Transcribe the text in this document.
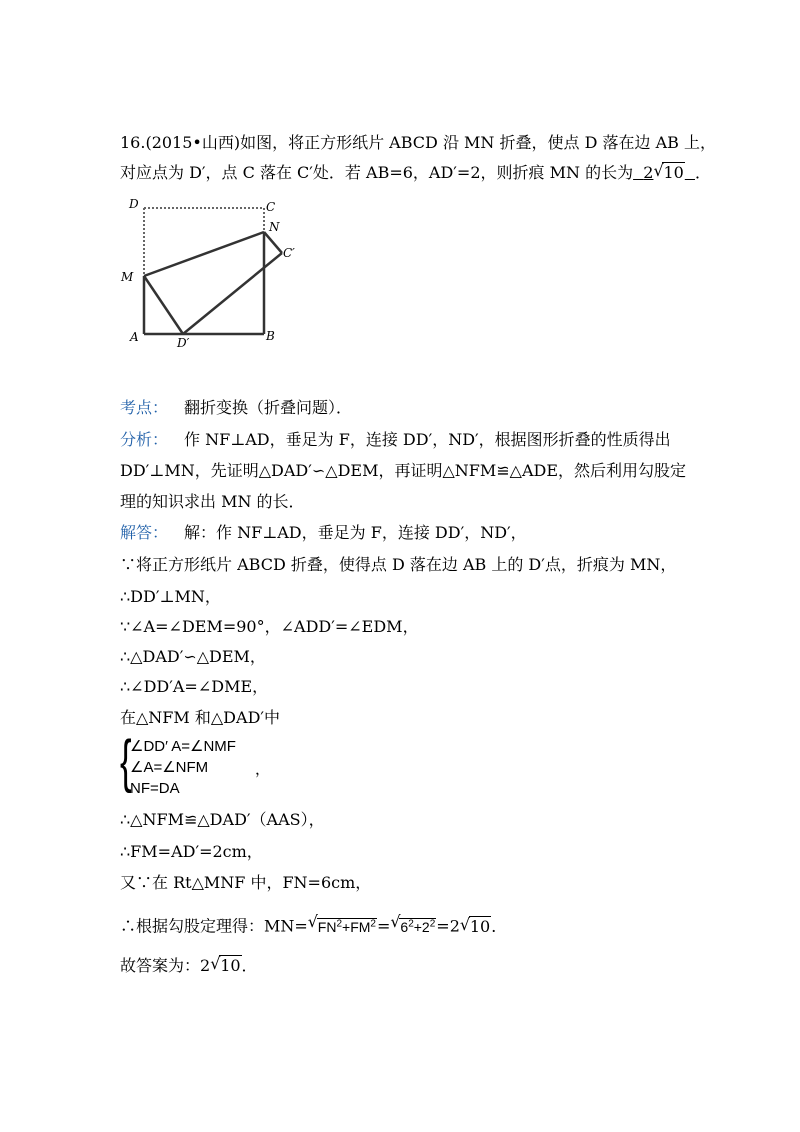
16.(2015•山西)如图，将正方形纸片 ABCD 沿 MN 折叠，使点 D 落在边 AB 上，
对应点为 D′，点 C 落在 C′处．若 AB=6，AD′=2，则折痕 MN 的长为 2 √ 10 ．
D	C
N
C′
M
A	D′	B
考点： 翻折变换（折叠问题）．
分析： 作 NF⊥AD，垂足为 F，连接 DD′，ND′，根据图形折叠的性质得出
DD′⊥MN，先证明△DAD′∽△DEM，再证明△NFM≌△ADE，然后利用勾股定
理的知识求出 MN 的长．
解答： 解：作 NF⊥AD，垂足为 F，连接 DD′，ND′，
∵将正方形纸片 ABCD 折叠，使得点 D 落在边 AB 上的 D′点，折痕为 MN，
∴DD′⊥MN，
∵∠A=∠DEM=90°，∠ADD′=∠EDM，
∴△DAD′∽△DEM，
∴∠DD′A=∠DME，
在△NFM 和△DAD′中
{
∠DD′ A=∠NMF
∠A=∠NFM	，
NF=DA
∴△NFM≌△DAD′（AAS），
∴FM=AD′=2cm，
又∵在 Rt△MNF 中，FN=6cm，
∴根据勾股定理得：MN= √ $FN^2+FM^2=$ √ $6^2+2^2=2$ √ 10．
故答案为：2 √ 10．
